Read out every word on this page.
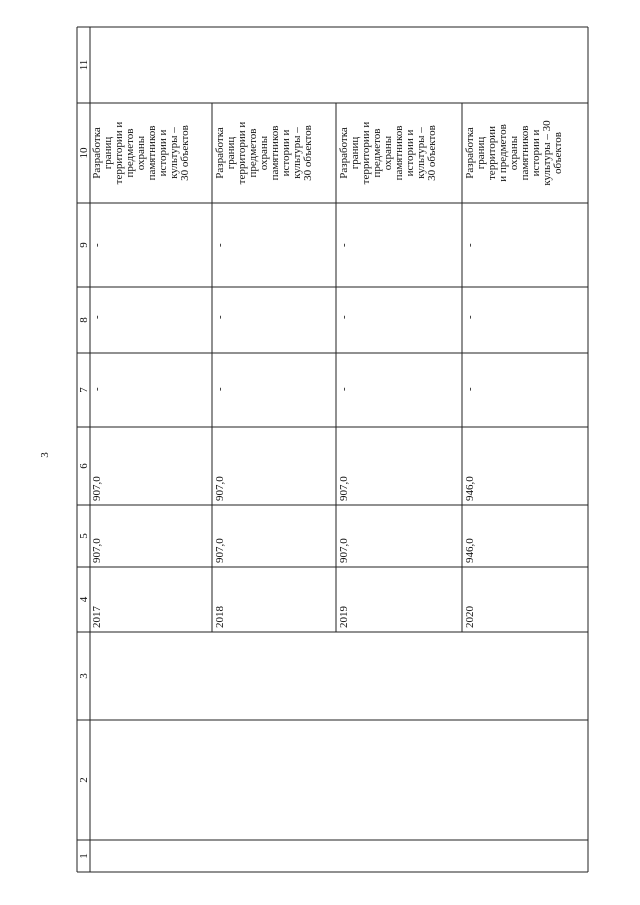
3
1
2
3
4
5
6
7
8
9
10
11
2017
907,0
907,0
-
-
-
Разработка границ территории и предметов охраны памятников истории и культуры – 30 объектов
2018
907,0
907,0
-
-
-
Разработка границ территории и предметов охраны памятников истории и культуры – 30 объектов
2019
907,0
907,0
-
-
-
Разработка границ территории и предметов охраны памятников истории и культуры – 30 объектов
2020
946,0
946,0
-
-
-
Разработка границ территории и предметов охраны памятников истории и культуры – 30 объектов
